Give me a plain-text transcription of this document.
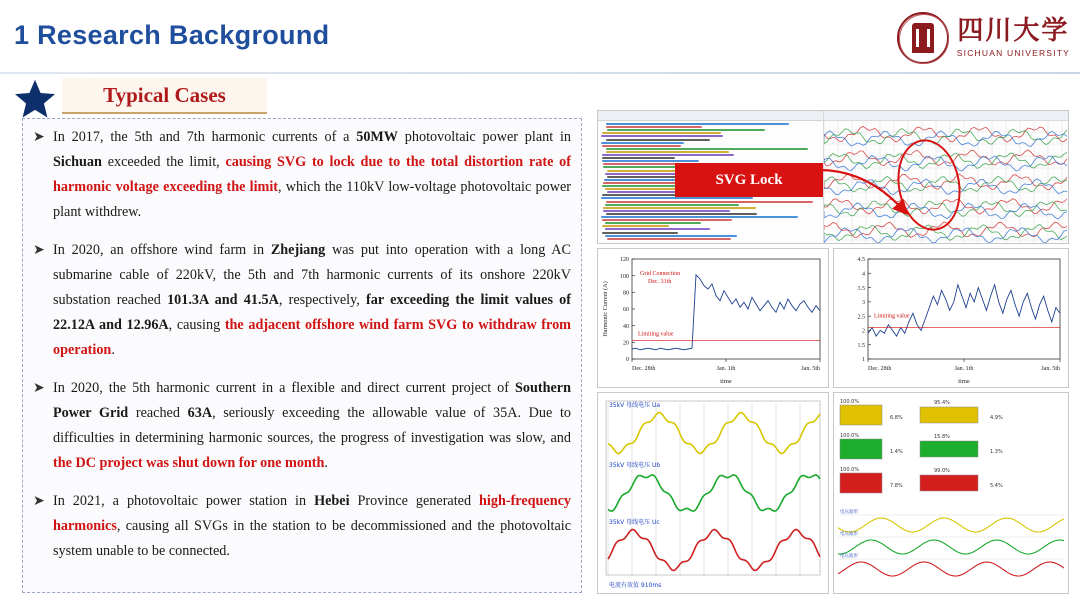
1 Research Background	四川大学
SICHUAN UNIVERSITY
Typical Cases
➤ In 2017, the 5th and 7th harmonic currents of a 50MW photovoltaic power plant in Sichuan exceeded the limit, causing SVG to lock due to the total distortion rate of harmonic voltage exceeding the limit, which the 110kV low-voltage photovoltaic power plant withdrew.
➤ In 2020, an offshore wind farm in Zhejiang was put into operation with a long AC submarine cable of 220kV, the 5th and 7th harmonic currents of its onshore 220kV substation reached 101.3A and 41.5A, respectively, far exceeding the limit values of 22.12A and 12.96A, causing the adjacent offshore wind farm SVG to withdraw from operation.
➤ In 2020, the 5th harmonic current in a flexible and direct current project of Southern Power Grid reached 63A, seriously exceeding the allowable value of 35A. Due to difficulties in determining harmonic sources, the progress of investigation was slow, and the DC project was shut down for one month.
➤ In 2021, a photovoltaic power station in Hebei Province generated high-frequency harmonics, causing all SVGs in the station to be decommissioned and the photovoltaic system unable to be connected.
SVG Lock
0
20
40
60
80
100
120
Dec. 28th	Jan. 1th	Jan. 5th
time
Harmonic Current (A)
Grid Connection
Dec. 31th
Limiting value
1
1.5
2
2.5
3
3.5
4
4.5
Dec. 28th	Jan. 1th	Jan. 5th
time
Limiting value
35kV 母线电压 Ua
35kV 母线电压 Ub
35kV 母线电压 Uc
电流有效值 910ms
100.0%
6.8%
95.4%
4.9%
100.0%
1.4%
15.8%
1.3%
100.0%
7.8%
99.0%
5.4%
电压波形
电压波形
电压波形
